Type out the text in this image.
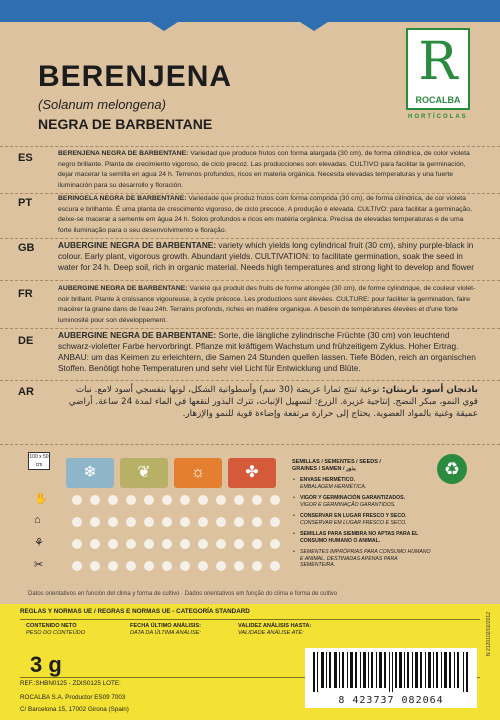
BERENJENA
(Solanum melongena)
NEGRA DE BARBENTANE
R
ROCALBA
HORTÍCOLAS
ES	BERENJENA NEGRA DE BARBENTANE: Variedad que produce frutos con forma alargada (30 cm), de forma cilíndrica, de color violeta negro brillante. Planta de crecimiento vigoroso, de ciclo precoz. Las producciones son elevadas. CULTIVO para facilitar la germinación, dejar macerar la semilla en agua 24 h. Terrenos profundos, ricos en materia orgánica. Necesita elevadas temperaturas y una fuerte iluminación para su desarrollo y floración.
PT	BERINGELA NEGRA DE BARBENTANE: Variedade que produz frutos com forma comprida (30 cm), de forma cilíndrica, de cor violeta escura e brilhante. É uma planta de crescimento vigoroso, de ciclo precoce. A produção é elevada. CULTIVO: para facilitar a germinação, deixe-se macerar a semente em água 24 h. Solos profundos e ricos em matéria orgânica. Precisa de elevadas temperaturas e de uma forte iluminação para o seu desenvolvimento e floração.
GB	AUBERGINE NEGRA DE BARBENTANE: variety which yields long cylindrical fruit (30 cm), shiny purple-black in colour. Early plant, vigorous growth. Abundant yields. CULTIVATION: to facilitate germination, soak the seed in water for 24 h. Deep soil, rich in organic material. Needs high temperatures and strong light to develop and flower
FR	AUBERGINE NEGRA DE BARBENTANE: Variété qui produit des fruits de forme allongée (30 cm), de forme cylindrique, de couleur violet-noir brillant. Plante à croissance vigoureuse, à cycle précoce. Les productions sont élevées. CULTURE: pour faciliter la germination, faire macérer la graine dans de l'eau 24h. Terrains profonds, riches en matière organique. A besoin de températures élevées et d'une forte luminosité pour son développement.
DE	AUBERGINE NEGRA DE BARBENTANE: Sorte, die längliche zylindrische Früchte (30 cm) von leuchtend schwarz-violetter Farbe hervorbringt. Pflanze mit kräftigem Wachstum und frühzeitigem Zyklus. Hoher Ertrag. ANBAU: um das Keimen zu erleichtern, die Samen 24 Stunden quellen lassen. Tiefe Böden, reich an organischen Stoffen. Benötigt hohe Temperaturen und sehr viel Licht für Entwicklung und Blüte.
AR	باذنجان أسود باربنتان: نوعية تنتج ثمارا عريضة (30 سم) وأسطوانية الشكل، لونها بنفسجي أسود لامع. نبات قوي النمو، مبكر النضج. إنتاجية غزيرة. الزرع: لتسهيل الإنبات، تترك البذور لنقعها في الماء لمدة 24 ساعة. أراضي عميقة وغنية بالمواد العضوية. يحتاج إلى حرارة مرتفعة وإضاءة قوية للنمو والإزهار.
100 x 50
cm	❄	❦	☼	✤
✋
⌂
⚘
✂
SEMILLAS / SEMENTES / SEEDS /
GRAINES / SAMEN / بذور
• ENVASE HERMÉTICO.
EMBALAGEM HERMÉTICA.
• VIGOR Y GERMINACIÓN GARANTIZADOS.
VIGOR E GERMINAÇÃO GARANTIDOS.
• CONSERVAR EN LUGAR FRESCO Y SECO.
CONSERVAR EM LUGAR FRESCO E SECO.
• SEMILLAS PARA SIEMBRA NO APTAS PARA EL CONSUMO HUMANO O ANIMAL.
• SEMENTES IMPRÓPRIAS PARA CONSUMO HUMANO E ANIMAL. DESTINADAS APENAS PARA SEMENTEIRA.
♻
Datos orientativos en función del clima y forma de cultivo · Dados orientativos em função do clima e forma de cultivo
REGLAS Y NORMAS UE / REGRAS E NORMAS UE - CATEGORÍA STANDARD
CONTENIDO NETO
PESO DO CONTEÚDO
FECHA ÚLTIMO ANÁLISIS:
DATA DA ÚLTIMA ANÁLISE:
VALIDEZ ANÁLISIS HASTA:
VALIDADE ANÁLISE ATÉ:
3 g
REF.:SHBN0125 - ZDIS0125 LOTE:
ROCALBA S.A. Productor ES09 7003
C/ Barcelona 15, 17002 Girona (Spain)
8 423737 082064
N 2120102/02/2012
